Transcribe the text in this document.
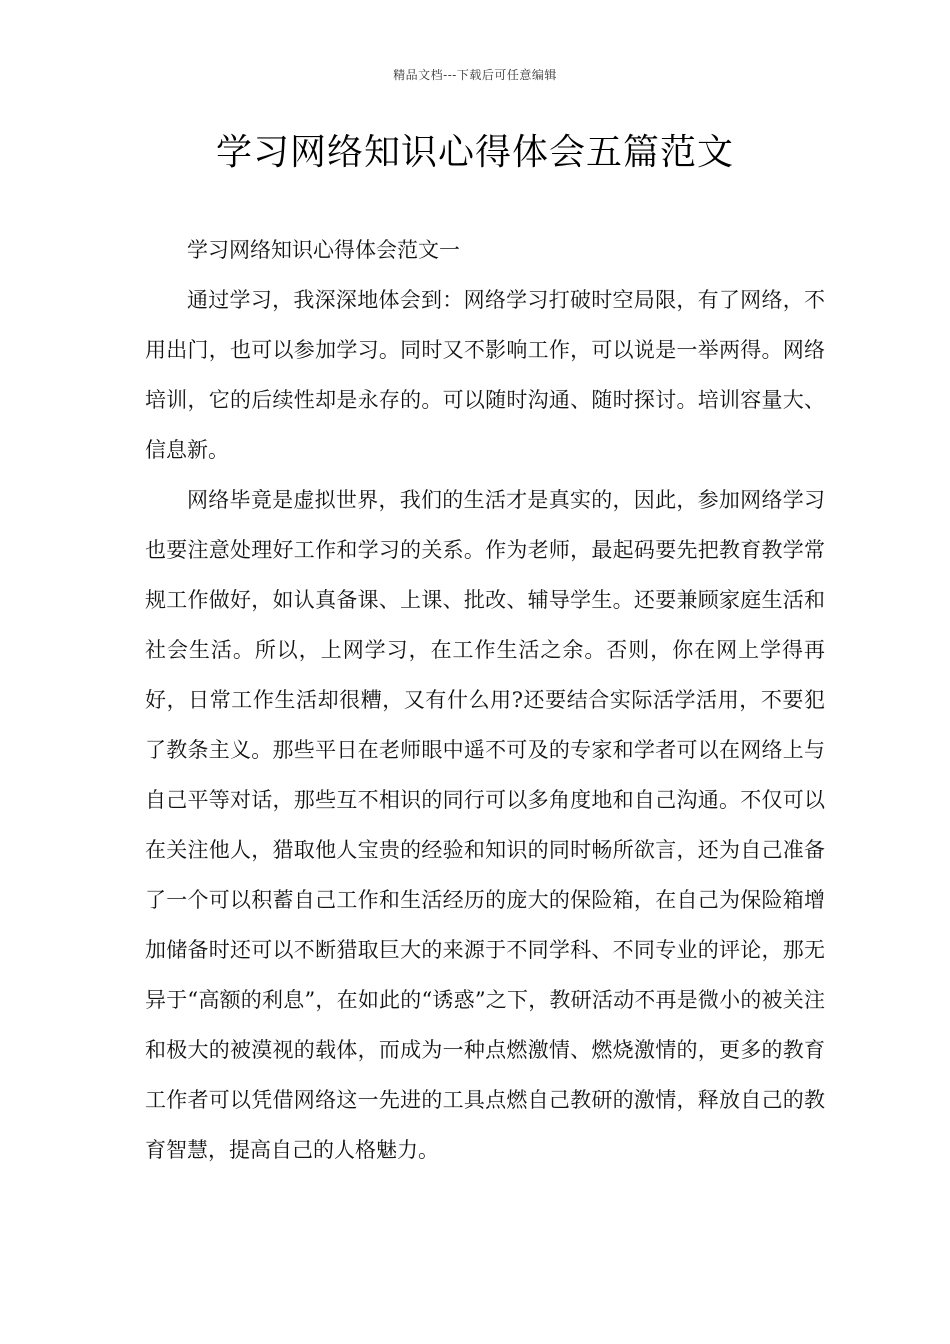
精品文档---下载后可任意编辑
学习网络知识心得体会五篇范文

学习网络知识心得体会范文一

通过学习，我深深地体会到：网络学习打破时空局限，有了网络，不用出门，也可以参加学习。同时又不影响工作，可以说是一举两得。网络培训，它的后续性却是永存的。可以随时沟通、随时探讨。培训容量大、信息新。

网络毕竟是虚拟世界，我们的生活才是真实的，因此，参加网络学习也要注意处理好工作和学习的关系。作为老师，最起码要先把教育教学常规工作做好，如认真备课、上课、批改、辅导学生。还要兼顾家庭生活和社会生活。所以，上网学习，在工作生活之余。否则，你在网上学得再好，日常工作生活却很糟，又有什么用?还要结合实际活学活用，不要犯了教条主义。那些平日在老师眼中遥不可及的专家和学者可以在网络上与自己平等对话，那些互不相识的同行可以多角度地和自己沟通。不仅可以在关注他人，猎取他人宝贵的经验和知识的同时畅所欲言，还为自己准备了一个可以积蓄自己工作和生活经历的庞大的保险箱，在自己为保险箱增加储备时还可以不断猎取巨大的来源于不同学科、不同专业的评论，那无异于“高额的利息”，在如此的“诱惑”之下，教研活动不再是微小的被关注和极大的被漠视的载体，而成为一种点燃激情、燃烧激情的，更多的教育工作者可以凭借网络这一先进的工具点燃自己教研的激情，释放自己的教育智慧，提高自己的人格魅力。
